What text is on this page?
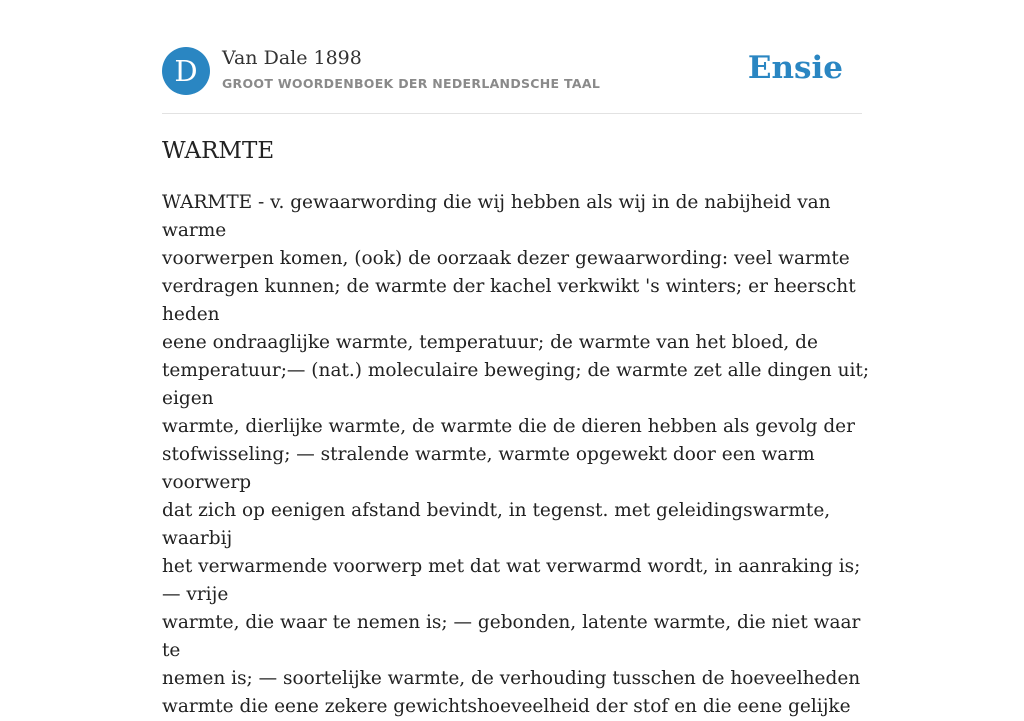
D	Van Dale 1898
GROOT WOORDENBOEK DER NEDERLANDSCHE TAAL	Ensie
WARMTE

WARMTE - v. gewaarwording die wij hebben als wij in de nabijheid van warme
voorwerpen komen, (ook) de oorzaak dezer gewaarwording: veel warmte
verdragen kunnen; de warmte der kachel verkwikt 's winters; er heerscht heden
eene ondraaglijke warmte, temperatuur; de warmte van het bloed, de
temperatuur;— (nat.) moleculaire beweging; de warmte zet alle dingen uit; eigen
warmte, dierlijke warmte, de warmte die de dieren hebben als gevolg der
stofwisseling; — stralende warmte, warmte opgewekt door een warm voorwerp
dat zich op eenigen afstand bevindt, in tegenst. met geleidingswarmte, waarbij
het verwarmende voorwerp met dat wat verwarmd wordt, in aanraking is; — vrije
warmte, die waar te nemen is; — gebonden, latente warmte, die niet waar te
nemen is; — soortelijke warmte, de verhouding tusschen de hoeveelheden
warmte die eene zekere gewichtshoeveelheid der stof en die eene gelijke
